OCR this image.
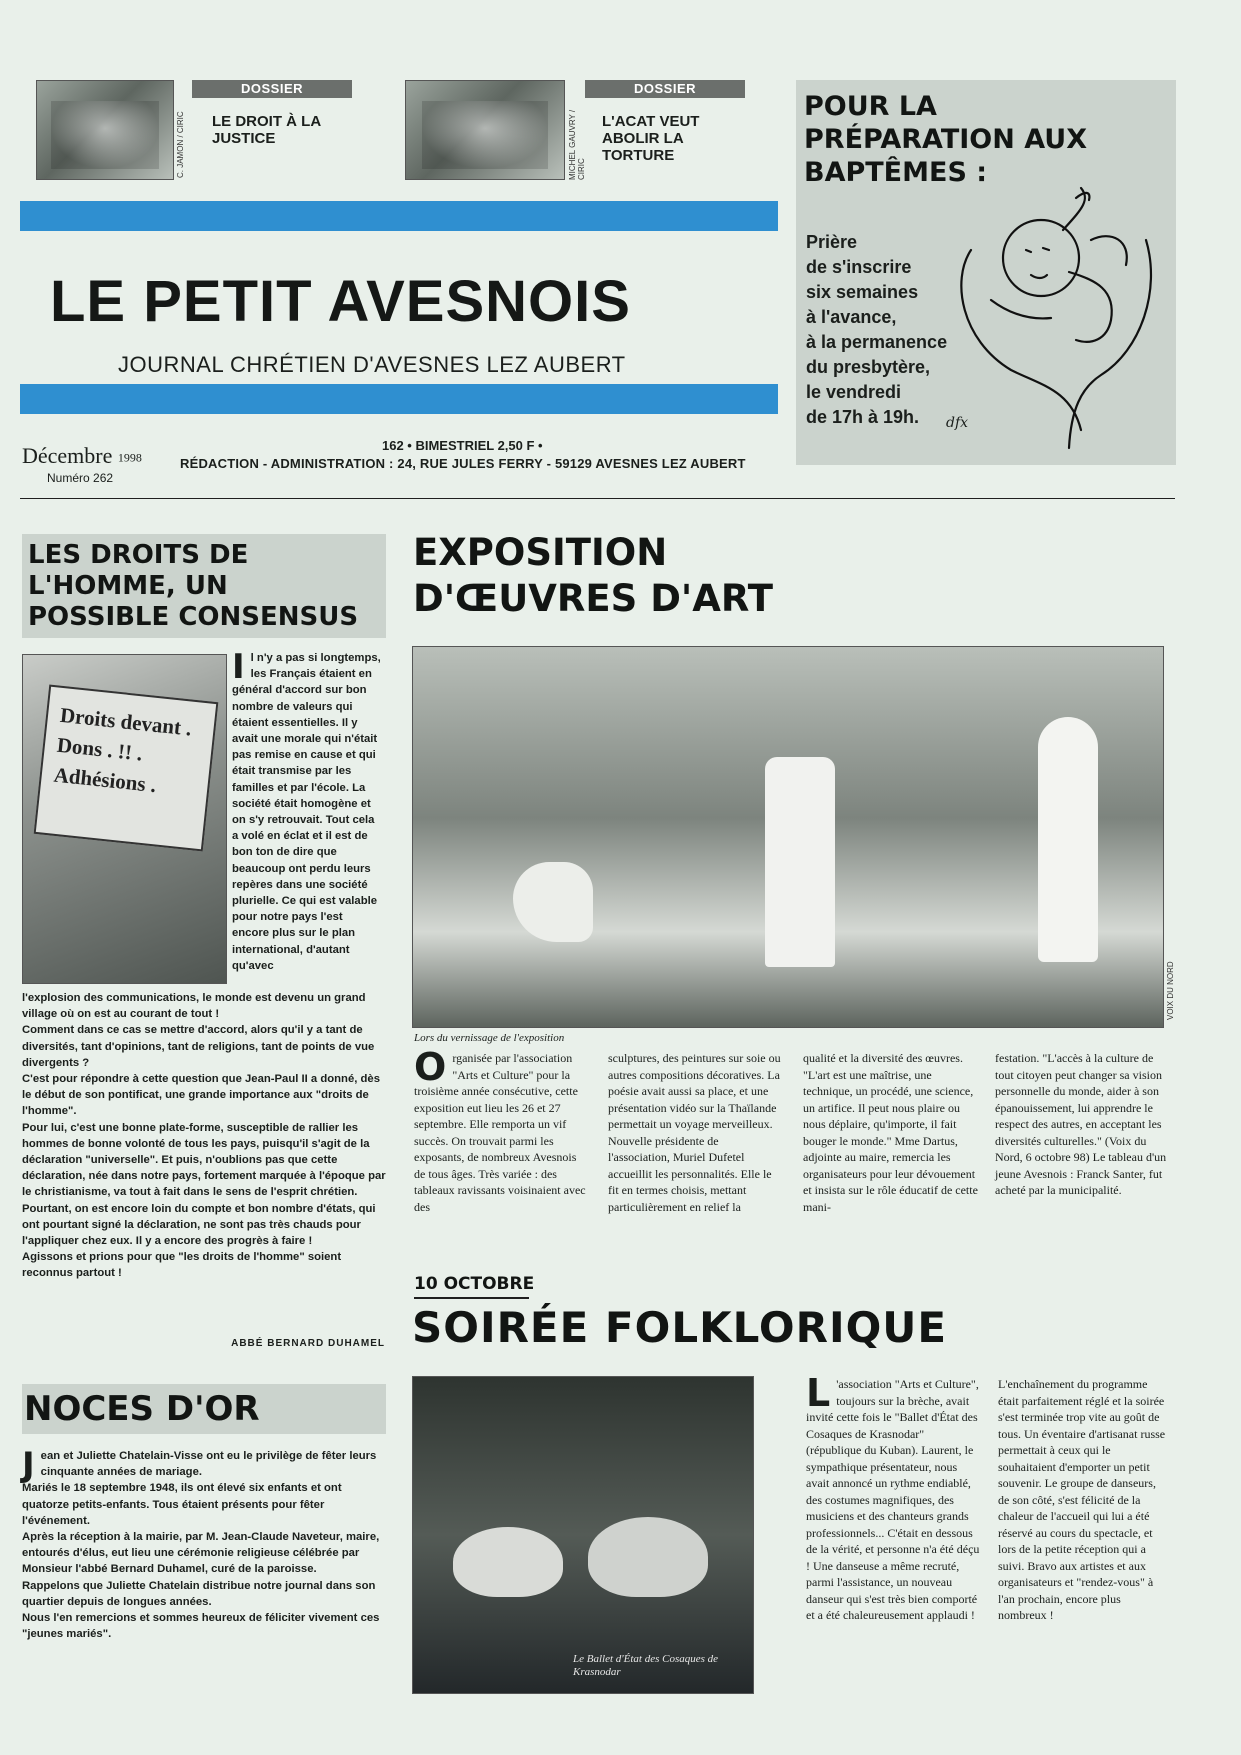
C. JAMON / CIRIC
DOSSIER
LE DROIT À LA JUSTICE	MICHEL GAUVRY / CIRIC
DOSSIER
L'ACAT VEUT ABOLIR LA TORTURE
POUR LA PRÉPARATION AUX BAPTÊMES :
Prière
de s'inscrire
six semaines
à l'avance,
à la permanence
du presbytère,
le vendredi
de 17h à 19h.	dfx
LE PETIT AVESNOIS
JOURNAL CHRÉTIEN D'AVESNES LEZ AUBERT
Décembre 1998
Numéro 262
162 • BIMESTRIEL 2,50 F •
RÉDACTION - ADMINISTRATION : 24, RUE JULES FERRY - 59129 AVESNES LEZ AUBERT
LES DROITS DE L'HOMME, UN POSSIBLE CONSENSUS
Droits devant . Dons . !! . Adhésions .
Il n'y a pas si longtemps, les Français étaient en général d'accord sur bon nombre de valeurs qui étaient essentielles. Il y avait une morale qui n'était pas remise en cause et qui était transmise par les familles et par l'école. La société était homogène et on s'y retrouvait. Tout cela a volé en éclat et il est de bon ton de dire que beaucoup ont perdu leurs repères dans une société plurielle. Ce qui est valable pour notre pays l'est encore plus sur le plan international, d'autant qu'avec

l'explosion des communications, le monde est devenu un grand village où on est au courant de tout !

Comment dans ce cas se mettre d'accord, alors qu'il y a tant de diversités, tant d'opinions, tant de religions, tant de points de vue divergents ?

C'est pour répondre à cette question que Jean-Paul II a donné, dès le début de son pontificat, une grande importance aux "droits de l'homme".

Pour lui, c'est une bonne plate-forme, susceptible de rallier les hommes de bonne volonté de tous les pays, puisqu'il s'agit de la déclaration "universelle". Et puis, n'oublions pas que cette déclaration, née dans notre pays, fortement marquée à l'époque par le christianisme, va tout à fait dans le sens de l'esprit chrétien.

Pourtant, on est encore loin du compte et bon nombre d'états, qui ont pourtant signé la déclaration, ne sont pas très chauds pour l'appliquer chez eux. Il y a encore des progrès à faire !

Agissons et prions pour que "les droits de l'homme" soient reconnus partout !

ABBÉ BERNARD DUHAMEL
NOCES D'OR

Jean et Juliette Chatelain-Visse ont eu le privilège de fêter leurs cinquante années de mariage.

Mariés le 18 septembre 1948, ils ont élevé six enfants et ont quatorze petits-enfants. Tous étaient présents pour fêter l'événement.

Après la réception à la mairie, par M. Jean-Claude Naveteur, maire, entourés d'élus, eut lieu une cérémonie religieuse célébrée par Monsieur l'abbé Bernard Duhamel, curé de la paroisse.

Rappelons que Juliette Chatelain distribue notre journal dans son quartier depuis de longues années.

Nous l'en remercions et sommes heureux de féliciter vivement ces "jeunes mariés".

EXPOSITION D'ŒUVRES D'ART
VOIX DU NORD
Lors du vernissage de l'exposition
Organisée par l'association "Arts et Culture" pour la troisième année consécutive, cette exposition eut lieu les 26 et 27 septembre. Elle remporta un vif succès. On trouvait parmi les exposants, de nombreux Avesnois de tous âges. Très variée : des tableaux ravissants voisinaient avec des
sculptures, des peintures sur soie ou autres compositions décoratives. La poésie avait aussi sa place, et une présentation vidéo sur la Thaïlande permettait un voyage merveilleux. Nouvelle présidente de l'association, Muriel Dufetel accueillit les personnalités. Elle le fit en termes choisis, mettant particulièrement en relief la
qualité et la diversité des œuvres. "L'art est une maîtrise, une technique, un procédé, une science, un artifice. Il peut nous plaire ou nous déplaire, qu'importe, il fait bouger le monde." Mme Dartus, adjointe au maire, remercia les organisateurs pour leur dévouement et insista sur le rôle éducatif de cette mani-
festation. "L'accès à la culture de tout citoyen peut changer sa vision personnelle du monde, aider à son épanouissement, lui apprendre le respect des autres, en acceptant les diversités culturelles." (Voix du Nord, 6 octobre 98) Le tableau d'un jeune Avesnois : Franck Santer, fut acheté par la municipalité.
10 OCTOBRE
SOIRÉE FOLKLORIQUE
Le Ballet d'État des Cosaques de Krasnodar
L 'association "Arts et Culture", toujours sur la brèche, avait invité cette fois le "Ballet d'État des Cosaques de Krasnodar" (république du Kuban). Laurent, le sympathique présentateur, nous avait annoncé un rythme endiablé, des costumes magnifiques, des musiciens et des chanteurs grands professionnels... C'était en dessous de la vérité, et personne n'a été déçu ! Une danseuse a même recruté, parmi l'assistance, un nouveau danseur qui s'est très bien comporté et a été chaleureusement applaudi !
L'enchaînement du programme était parfaitement réglé et la soirée s'est terminée trop vite au goût de tous. Un éventaire d'artisanat russe permettait à ceux qui le souhaitaient d'emporter un petit souvenir. Le groupe de danseurs, de son côté, s'est félicité de la chaleur de l'accueil qui lui a été réservé au cours du spectacle, et lors de la petite réception qui a suivi. Bravo aux artistes et aux organisateurs et "rendez-vous" à l'an prochain, encore plus nombreux !
